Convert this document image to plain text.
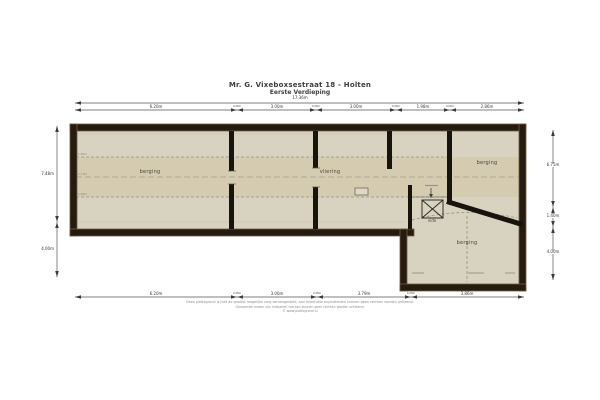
Mr. G. Vixeboxsestraat 18 - Holten
Eerste Verdieping
berging	vliering
berging
berging
vide
1.50m
2.77m
1.50m
17.36m
6.20m	3.00m	3.00m	1.98m	2.86m
0.08m	0.08m	0.08m	0.08m
6.20m	3.00m	3.79m	3.86m
0.08m	0.08m	0.08m
7.48m
4.00m
6.75m
1.40m
4.00m
Deze plattegrond is met de grootst mogelijke zorg samengesteld, aan eventuele onjuistheden kunnen geen rechten worden ontleend.
Genoemde maten zijn indicatief, hieraan kunnen geen rechten worden ontleend.
© www.plattegrond.nl
